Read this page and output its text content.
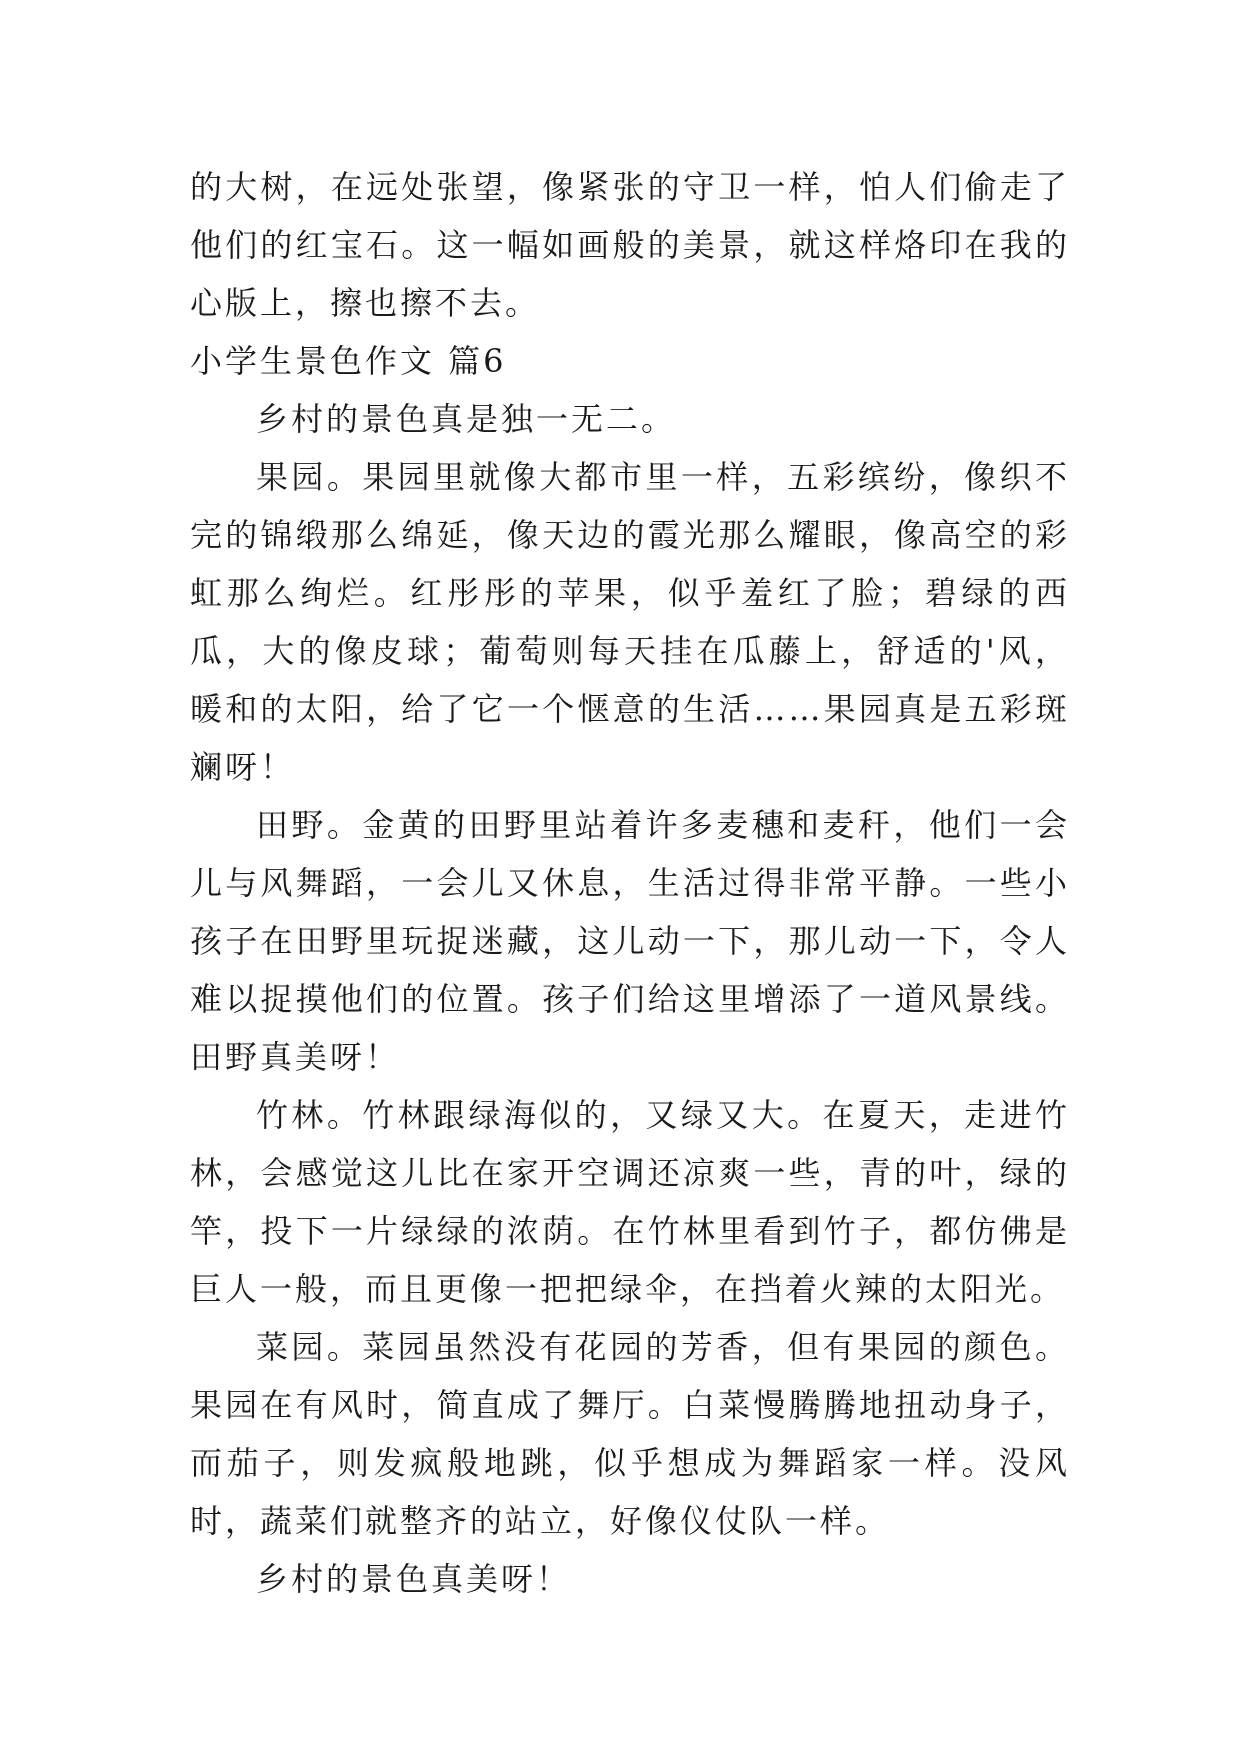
的大树，在远处张望，像紧张的守卫一样，怕人们偷走了他们的红宝石。这一幅如画般的美景，就这样烙印在我的心版上，擦也擦不去。

小学生景色作文 篇6

乡村的景色真是独一无二。

果园。果园里就像大都市里一样，五彩缤纷，像织不完的锦缎那么绵延，像天边的霞光那么耀眼，像高空的彩虹那么绚烂。红彤彤的苹果，似乎羞红了脸；碧绿的西瓜，大的像皮球；葡萄则每天挂在瓜藤上，舒适的'风，暖和的太阳，给了它一个惬意的生活……果园真是五彩斑斓呀！

田野。金黄的田野里站着许多麦穗和麦秆，他们一会儿与风舞蹈，一会儿又休息，生活过得非常平静。一些小孩子在田野里玩捉迷藏，这儿动一下，那儿动一下，令人难以捉摸他们的位置。孩子们给这里增添了一道风景线。田野真美呀！

竹林。竹林跟绿海似的，又绿又大。在夏天，走进竹林，会感觉这儿比在家开空调还凉爽一些，青的叶，绿的竿，投下一片绿绿的浓荫。在竹林里看到竹子，都仿佛是巨人一般，而且更像一把把绿伞，在挡着火辣的太阳光。

菜园。菜园虽然没有花园的芳香，但有果园的颜色。果园在有风时，简直成了舞厅。白菜慢腾腾地扭动身子，而茄子，则发疯般地跳，似乎想成为舞蹈家一样。没风时，蔬菜们就整齐的站立，好像仪仗队一样。

乡村的景色真美呀！
